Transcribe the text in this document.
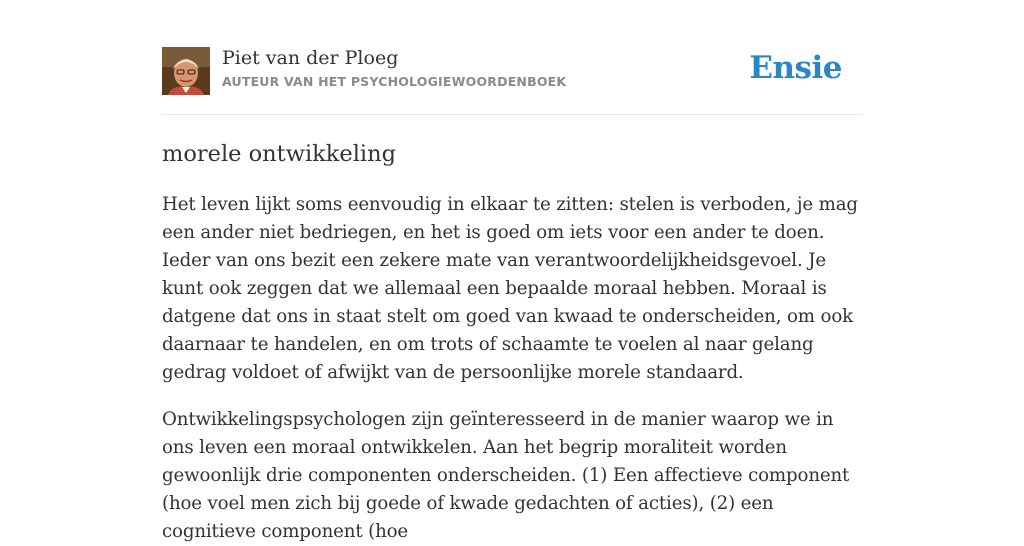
Piet van der Ploeg
AUTEUR VAN HET PSYCHOLOGIEWOORDENBOEK	Ensie
morele ontwikkeling

Het leven lijkt soms eenvoudig in elkaar te zitten: stelen is verboden, je mag een ander niet bedriegen, en het is goed om iets voor een ander te doen. Ieder van ons bezit een zekere mate van verantwoordelijkheidsgevoel. Je kunt ook zeggen dat we allemaal een bepaalde moraal hebben. Moraal is datgene dat ons in staat stelt om goed van kwaad te onderscheiden, om ook daarnaar te handelen, en om trots of schaamte te voelen al naar gelang gedrag voldoet of afwijkt van de persoonlijke morele standaard.

Ontwikkelingspsychologen zijn geïnteresseerd in de manier waarop we in ons leven een moraal ontwikkelen. Aan het begrip moraliteit worden gewoonlijk drie componenten onderscheiden. (1) Een affectieve component (hoe voel men zich bij goede of kwade gedachten of acties), (2) een cognitieve component (hoe
